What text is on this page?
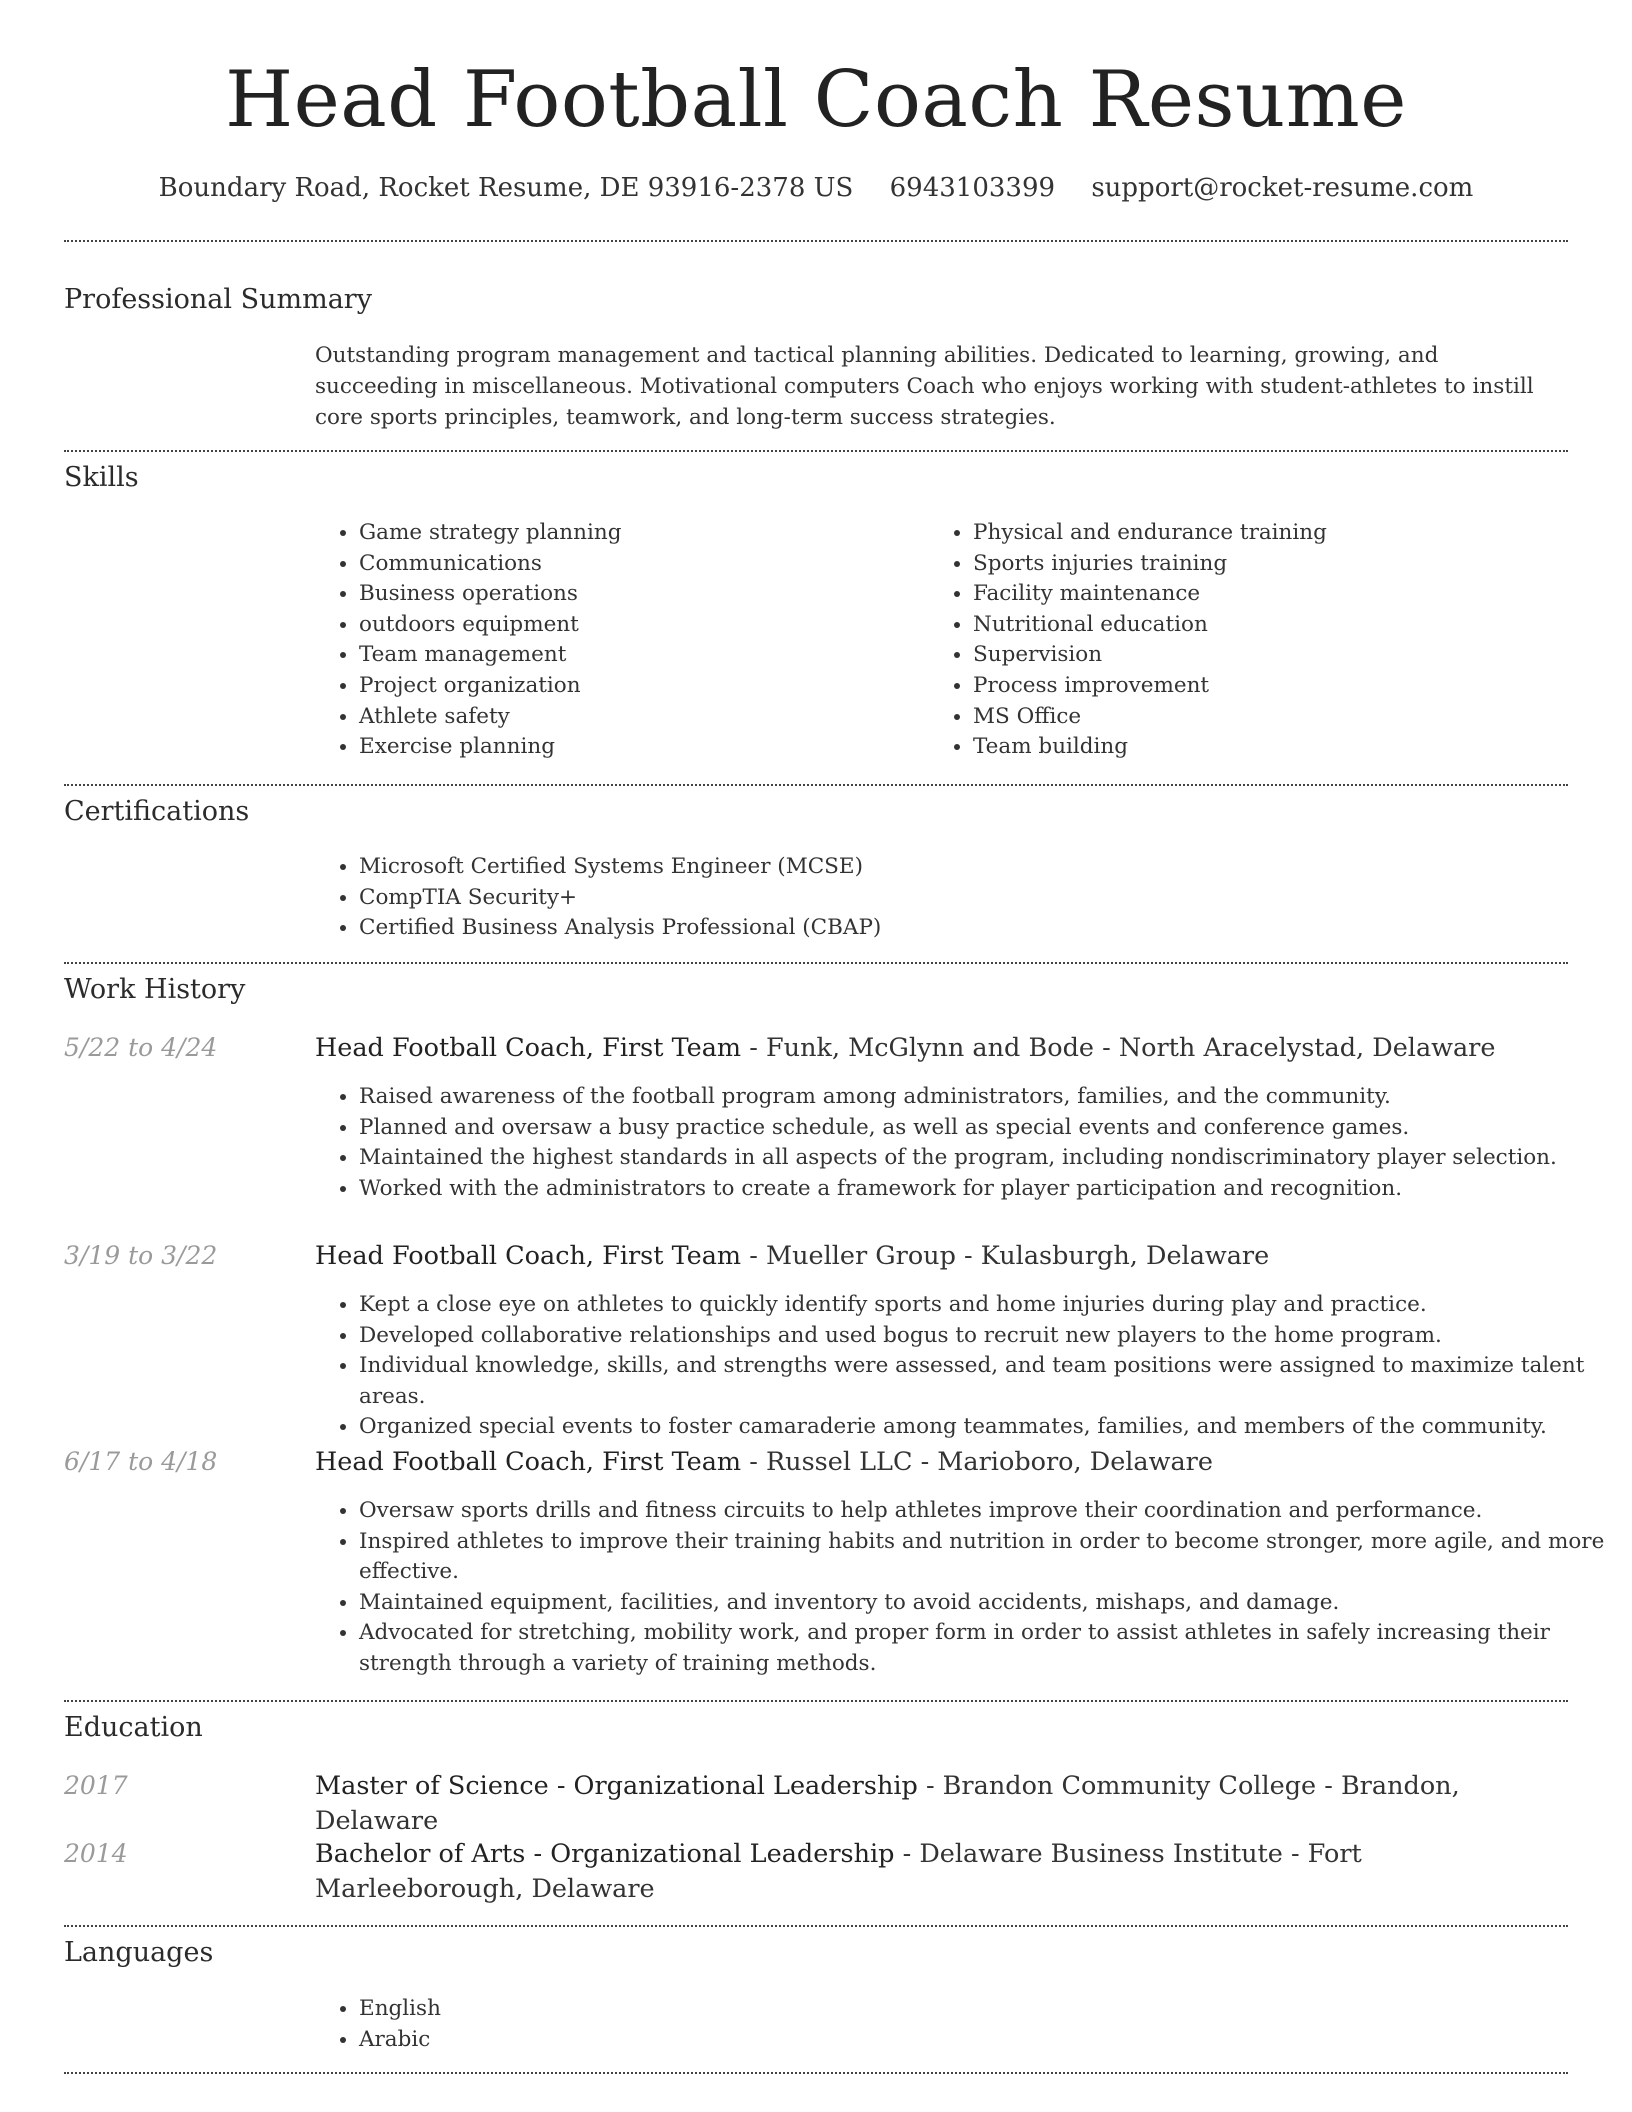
Head Football Coach Resume
Boundary Road, Rocket Resume, DE 93916-2378 US 6943103399 support@rocket-resume.com
Professional Summary
Outstanding program management and tactical planning abilities. Dedicated to learning, growing, and succeeding in miscellaneous. Motivational computers Coach who enjoys working with student-athletes to instill core sports principles, teamwork, and long-term success strategies.
Skills
• Game strategy planning
• Communications
• Business operations
• outdoors equipment
• Team management
• Project organization
• Athlete safety
• Exercise planning
• Physical and endurance training
• Sports injuries training
• Facility maintenance
• Nutritional education
• Supervision
• Process improvement
• MS Office
• Team building
Certifications
• Microsoft Certified Systems Engineer (MCSE)
• CompTIA Security+
• Certified Business Analysis Professional (CBAP)
Work History
5/22 to 4/24	Head Football Coach, First Team - Funk, McGlynn and Bode - North Aracelystad, Delaware
• Raised awareness of the football program among administrators, families, and the community.
• Planned and oversaw a busy practice schedule, as well as special events and conference games.
• Maintained the highest standards in all aspects of the program, including nondiscriminatory player selection.
• Worked with the administrators to create a framework for player participation and recognition.
3/19 to 3/22	Head Football Coach, First Team - Mueller Group - Kulasburgh, Delaware
• Kept a close eye on athletes to quickly identify sports and home injuries during play and practice.
• Developed collaborative relationships and used bogus to recruit new players to the home program.
• Individual knowledge, skills, and strengths were assessed, and team positions were assigned to maximize talent areas.
• Organized special events to foster camaraderie among teammates, families, and members of the community.
6/17 to 4/18	Head Football Coach, First Team - Russel LLC - Marioboro, Delaware
• Oversaw sports drills and fitness circuits to help athletes improve their coordination and performance.
• Inspired athletes to improve their training habits and nutrition in order to become stronger, more agile, and more effective.
• Maintained equipment, facilities, and inventory to avoid accidents, mishaps, and damage.
• Advocated for stretching, mobility work, and proper form in order to assist athletes in safely increasing their strength through a variety of training methods.
Education
2017	Master of Science - Organizational Leadership - Brandon Community College - Brandon, Delaware
2014	Bachelor of Arts - Organizational Leadership - Delaware Business Institute - Fort Marleeborough, Delaware
Languages
• English
• Arabic
